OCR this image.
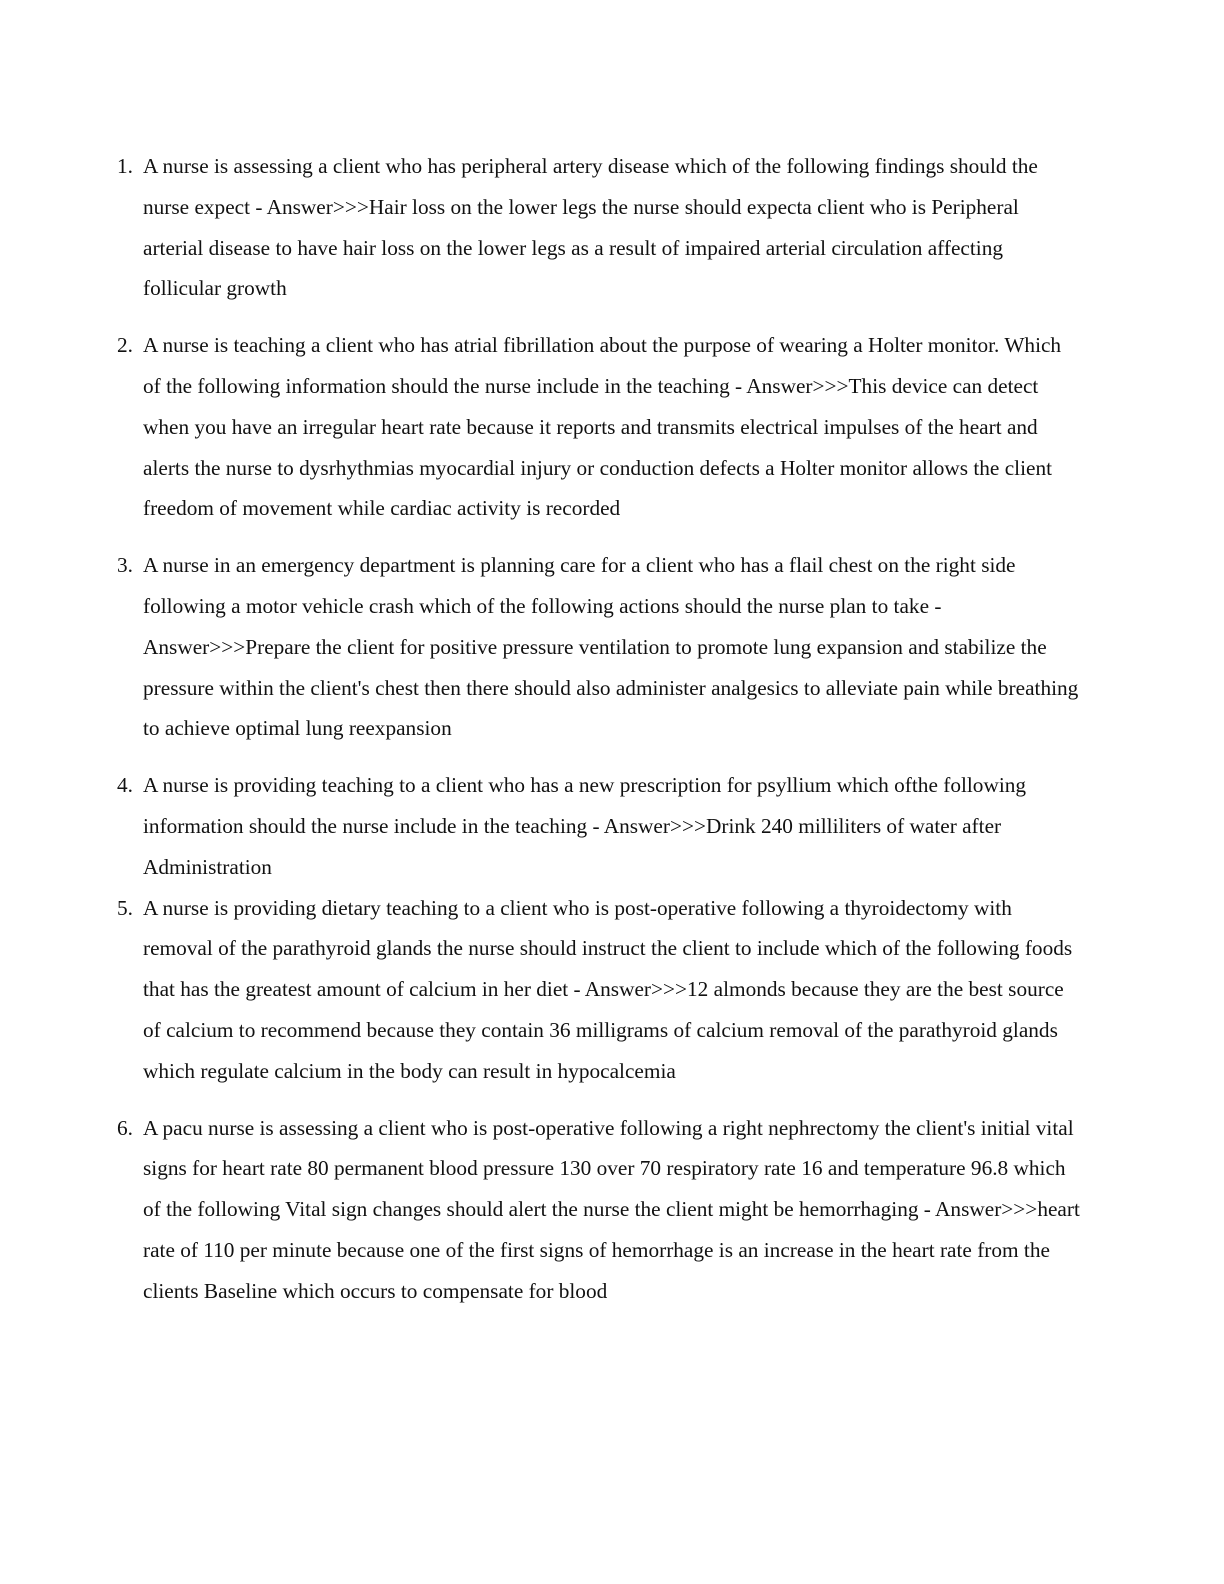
1. A nurse is assessing a client who has peripheral artery disease which of the following findings should the nurse expect - Answer>>>Hair loss on the lower legs the nurse should expecta client who is Peripheral arterial disease to have hair loss on the lower legs as a result of impaired arterial circulation affecting follicular growth
2. A nurse is teaching a client who has atrial fibrillation about the purpose of wearing a Holter monitor. Which of the following information should the nurse include in the teaching - Answer>>>This device can detect when you have an irregular heart rate because it reports and transmits electrical impulses of the heart and alerts the nurse to dysrhythmias myocardial injury or conduction defects a Holter monitor allows the client freedom of movement while cardiac activity is recorded
3. A nurse in an emergency department is planning care for a client who has a flail chest on the right side following a motor vehicle crash which of the following actions should the nurse plan to take - Answer>>>Prepare the client for positive pressure ventilation to promote lung expansion and stabilize the pressure within the client's chest then there should also administer analgesics to alleviate pain while breathing to achieve optimal lung reexpansion
4. A nurse is providing teaching to a client who has a new prescription for psyllium which ofthe following information should the nurse include in the teaching - Answer>>>Drink 240 milliliters of water after Administration
5. A nurse is providing dietary teaching to a client who is post-operative following a thyroidectomy with removal of the parathyroid glands the nurse should instruct the client to include which of the following foods that has the greatest amount of calcium in her diet - Answer>>>12 almonds because they are the best source of calcium to recommend because they contain 36 milligrams of calcium removal of the parathyroid glands which regulate calcium in the body can result in hypocalcemia
6. A pacu nurse is assessing a client who is post-operative following a right nephrectomy the client's initial vital signs for heart rate 80 permanent blood pressure 130 over 70 respiratory rate 16 and temperature 96.8 which of the following Vital sign changes should alert the nurse the client might be hemorrhaging - Answer>>>heart rate of 110 per minute because one of the first signs of hemorrhage is an increase in the heart rate from the clients Baseline which occurs to compensate for blood
